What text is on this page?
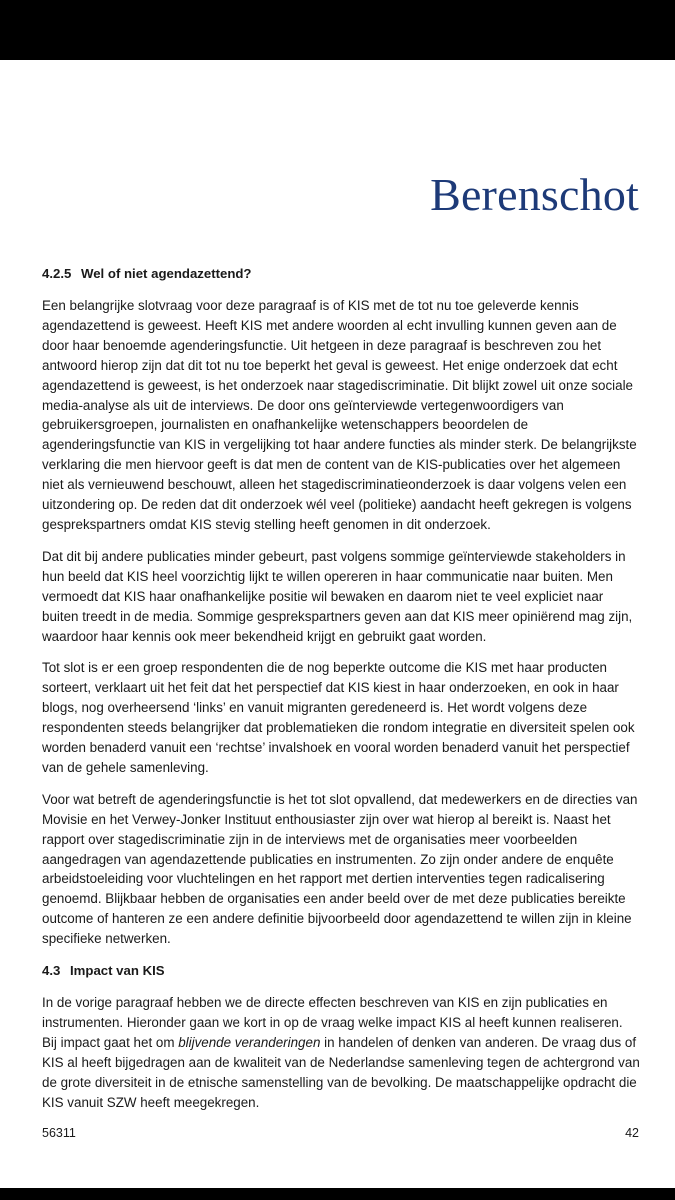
Berenschot
4.2.5 Wel of niet agendazettend?

Een belangrijke slotvraag voor deze paragraaf is of KIS met de tot nu toe geleverde kennis agendazettend is geweest. Heeft KIS met andere woorden al echt invulling kunnen geven aan de door haar benoemde agenderingsfunctie. Uit hetgeen in deze paragraaf is beschreven zou het antwoord hierop zijn dat dit tot nu toe beperkt het geval is geweest. Het enige onderzoek dat echt agendazettend is geweest, is het onderzoek naar stagediscriminatie. Dit blijkt zowel uit onze sociale media-analyse als uit de interviews. De door ons geïnterviewde vertegenwoordigers van gebruikersgroepen, journalisten en onafhankelijke wetenschappers beoordelen de agenderingsfunctie van KIS in vergelijking tot haar andere functies als minder sterk. De belangrijkste verklaring die men hiervoor geeft is dat men de content van de KIS-publicaties over het algemeen niet als vernieuwend beschouwt, alleen het stagediscriminatieonderzoek is daar volgens velen een uitzondering op. De reden dat dit onderzoek wél veel (politieke) aandacht heeft gekregen is volgens gesprekspartners omdat KIS stevig stelling heeft genomen in dit onderzoek.

Dat dit bij andere publicaties minder gebeurt, past volgens sommige geïnterviewde stakeholders in hun beeld dat KIS heel voorzichtig lijkt te willen opereren in haar communicatie naar buiten. Men vermoedt dat KIS haar onafhankelijke positie wil bewaken en daarom niet te veel expliciet naar buiten treedt in de media. Sommige gesprekspartners geven aan dat KIS meer opiniërend mag zijn, waardoor haar kennis ook meer bekendheid krijgt en gebruikt gaat worden.

Tot slot is er een groep respondenten die de nog beperkte outcome die KIS met haar producten sorteert, verklaart uit het feit dat het perspectief dat KIS kiest in haar onderzoeken, en ook in haar blogs, nog overheersend ‘links’ en vanuit migranten geredeneerd is. Het wordt volgens deze respondenten steeds belangrijker dat problematieken die rondom integratie en diversiteit spelen ook worden benaderd vanuit een ‘rechtse’ invalshoek en vooral worden benaderd vanuit het perspectief van de gehele samenleving.

Voor wat betreft de agenderingsfunctie is het tot slot opvallend, dat medewerkers en de directies van Movisie en het Verwey-Jonker Instituut enthousiaster zijn over wat hierop al bereikt is. Naast het rapport over stagediscriminatie zijn in de interviews met de organisaties meer voorbeelden aangedragen van agendazettende publicaties en instrumenten. Zo zijn onder andere de enquête arbeidstoeleiding voor vluchtelingen en het rapport met dertien interventies tegen radicalisering genoemd. Blijkbaar hebben de organisaties een ander beeld over de met deze publicaties bereikte outcome of hanteren ze een andere definitie bijvoorbeeld door agendazettend te willen zijn in kleine specifieke netwerken.

4.3 Impact van KIS

In de vorige paragraaf hebben we de directe effecten beschreven van KIS en zijn publicaties en instrumenten. Hieronder gaan we kort in op de vraag welke impact KIS al heeft kunnen realiseren. Bij impact gaat het om blijvende veranderingen in handelen of denken van anderen. De vraag dus of KIS al heeft bijgedragen aan de kwaliteit van de Nederlandse samenleving tegen de achtergrond van de grote diversiteit in de etnische samenstelling van de bevolking. De maatschappelijke opdracht die KIS vanuit SZW heeft meegekregen.

56311	42
